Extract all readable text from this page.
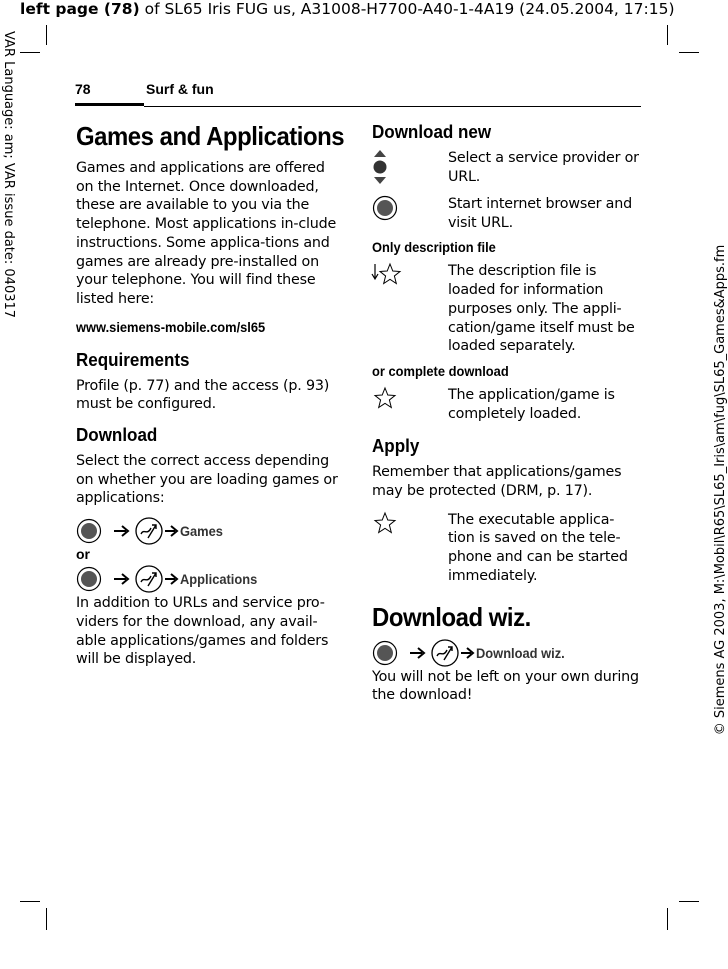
left page (78) of SL65 Iris FUG us, A31008-H7700-A40-1-4A19 (24.05.2004, 17:15)
VAR Language: am; VAR issue date: 040317
© Siemens AG 2003, M:\Mobil\R65\SL65_Iris\am\fug\SL65_Games&Apps.fm
78	Surf & fun
Games and Applications
Games and applications are offered on the Internet. Once downloaded, these are available to you via the telephone. Most applications in-clude instructions. Some applica-tions and games are already pre-installed on your telephone. You will find these listed here:
www.siemens-mobile.com/sl65
Requirements
Profile (p. 77) and the access (p. 93) must be configured.
Download
Select the correct access depending on whether you are loading games or applications:
Games
or
Applications
In addition to URLs and service pro-viders for the download, any avail-able applications/games and folders will be displayed.
Download new
Select a service provider or URL.
Start internet browser and visit URL.
Only description file
The description file is loaded for information purposes only. The appli-cation/game itself must be loaded separately.
or complete download
The application/game is completely loaded.
Apply
Remember that applications/games may be protected (DRM, p. 17).
The executable applica-tion is saved on the tele-phone and can be started immediately.
Download wiz.
Download wiz.
You will not be left on your own during the download!
